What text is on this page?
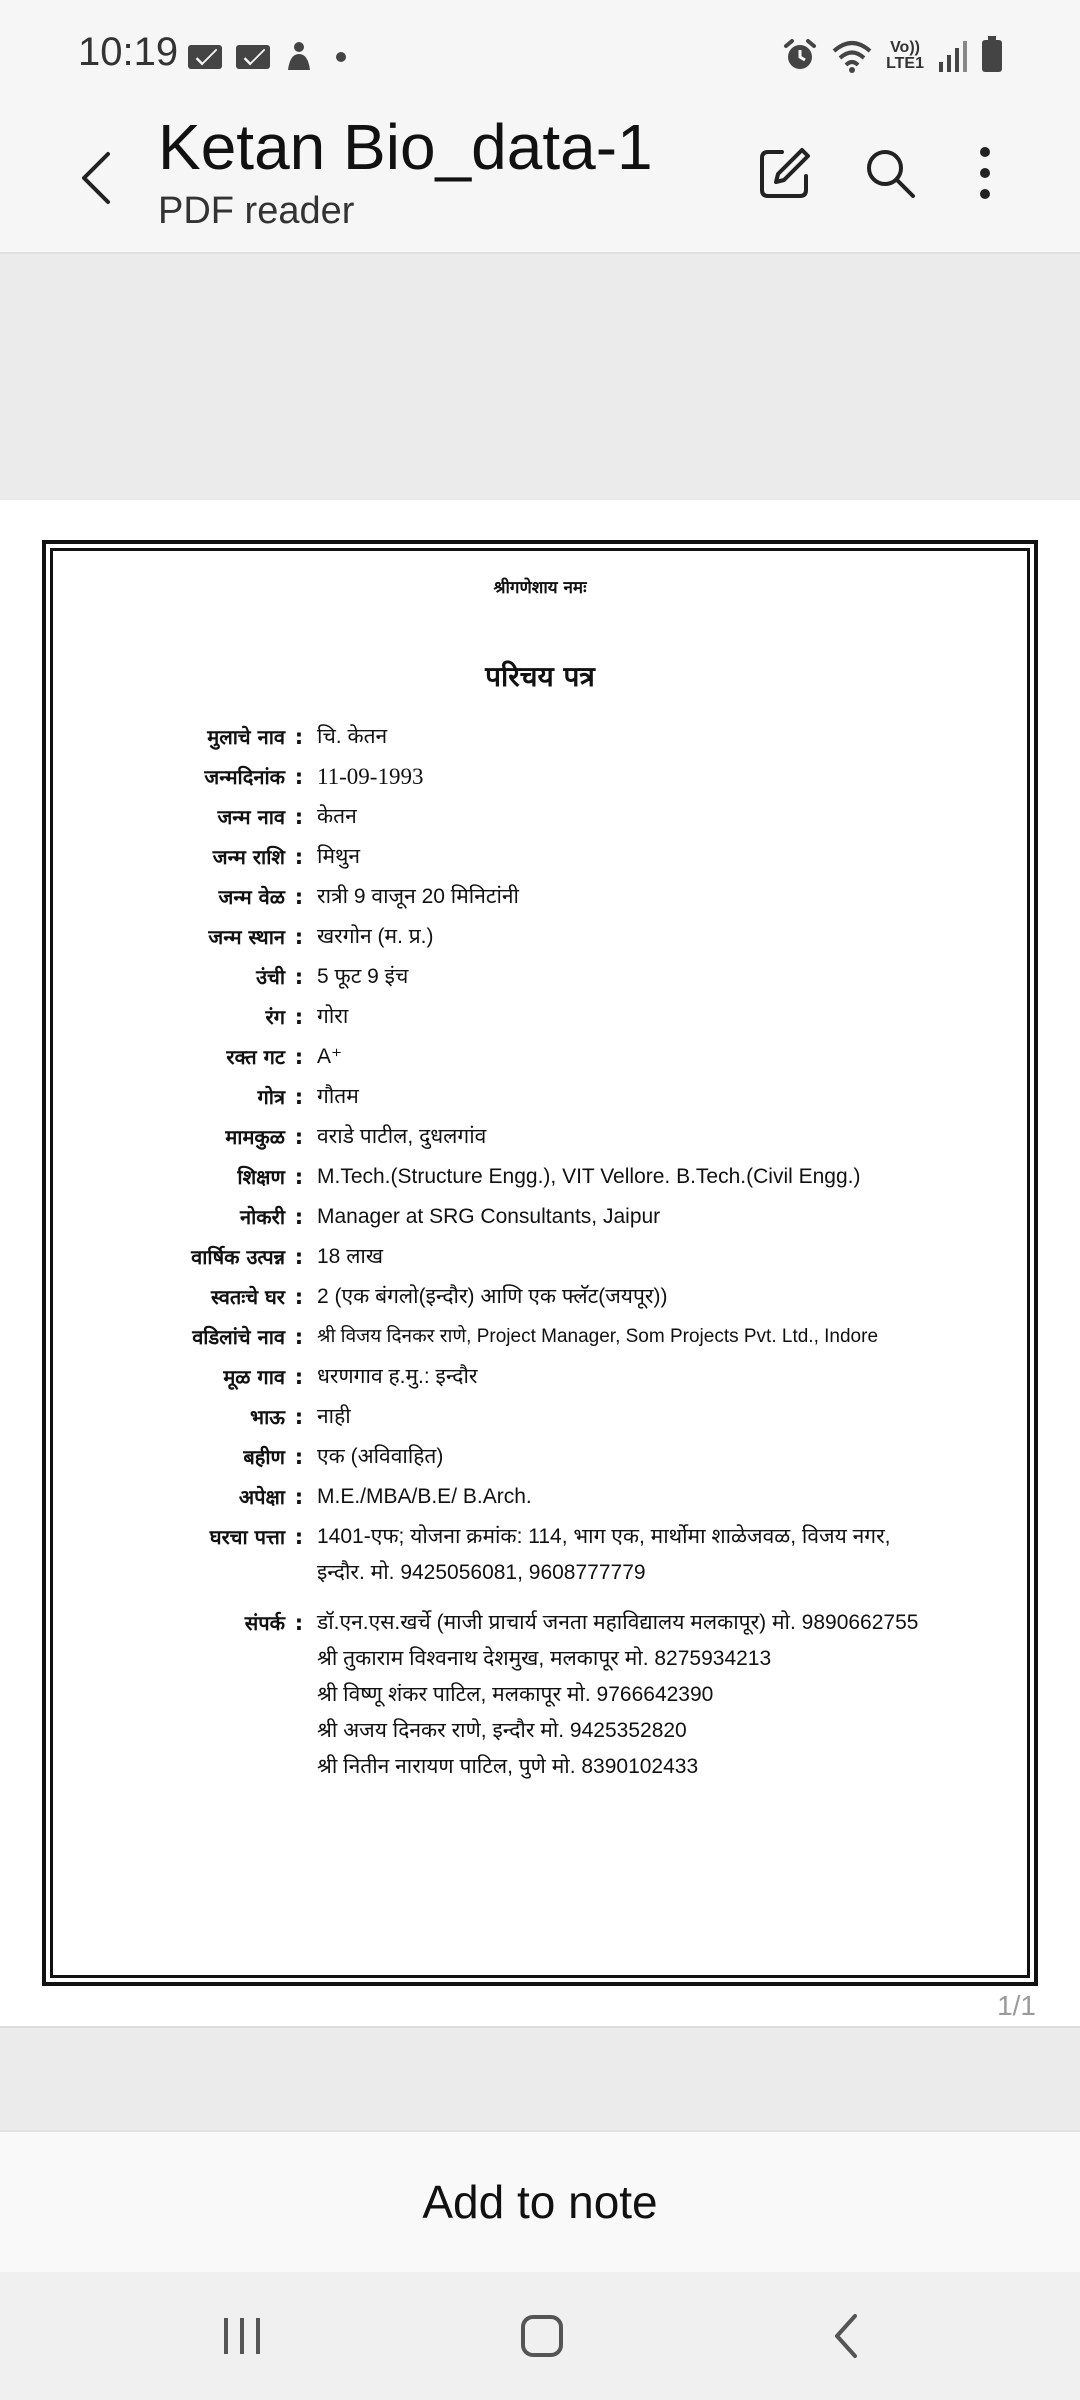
10:19	Vo))
LTE1
Ketan Bio_data-1
PDF reader
श्रीगणेशाय नमः
परिचय पत्र
मुलाचे नाव : चि. केतन
जन्मदिनांक : 11-09-1993
जन्म नाव : केतन
जन्म राशि : मिथुन
जन्म वेळ : रात्री 9 वाजून 20 मिनिटांनी
जन्म स्थान : खरगोन (म. प्र.)
उंची : 5 फूट 9 इंच
रंग : गोरा
रक्त गट : A⁺
गोत्र : गौतम
मामकुळ : वराडे पाटील, दुधलगांव
शिक्षण : M.Tech.(Structure Engg.), VIT Vellore. B.Tech.(Civil Engg.)
नोकरी : Manager at SRG Consultants, Jaipur
वार्षिक उत्पन्न : 18 लाख
स्वतःचे घर : 2 (एक बंगलो(इन्दौर) आणि एक फ्लॅट(जयपूर))
वडिलांचे नाव : श्री विजय दिनकर राणे, Project Manager, Som Projects Pvt. Ltd., Indore
मूळ गाव : धरणगाव ह.मु.: इन्दौर
भाऊ : नाही
बहीण : एक (अविवाहित)
अपेक्षा : M.E./MBA/B.E/ B.Arch.
घरचा पत्ता : 1401-एफ; योजना क्रमांक: 114, भाग एक, मार्थोमा शाळेजवळ, विजय नगर,
इन्दौर. मो. 9425056081, 9608777779
संपर्क : डॉ.एन.एस.खर्चे (माजी प्राचार्य जनता महाविद्यालय मलकापूर) मो. 9890662755
श्री तुकाराम विश्वनाथ देशमुख, मलकापूर मो. 8275934213
श्री विष्णू शंकर पाटिल, मलकापूर मो. 9766642390
श्री अजय दिनकर राणे, इन्दौर मो. 9425352820
श्री नितीन नारायण पाटिल, पुणे मो. 8390102433
1/1
Add to note
